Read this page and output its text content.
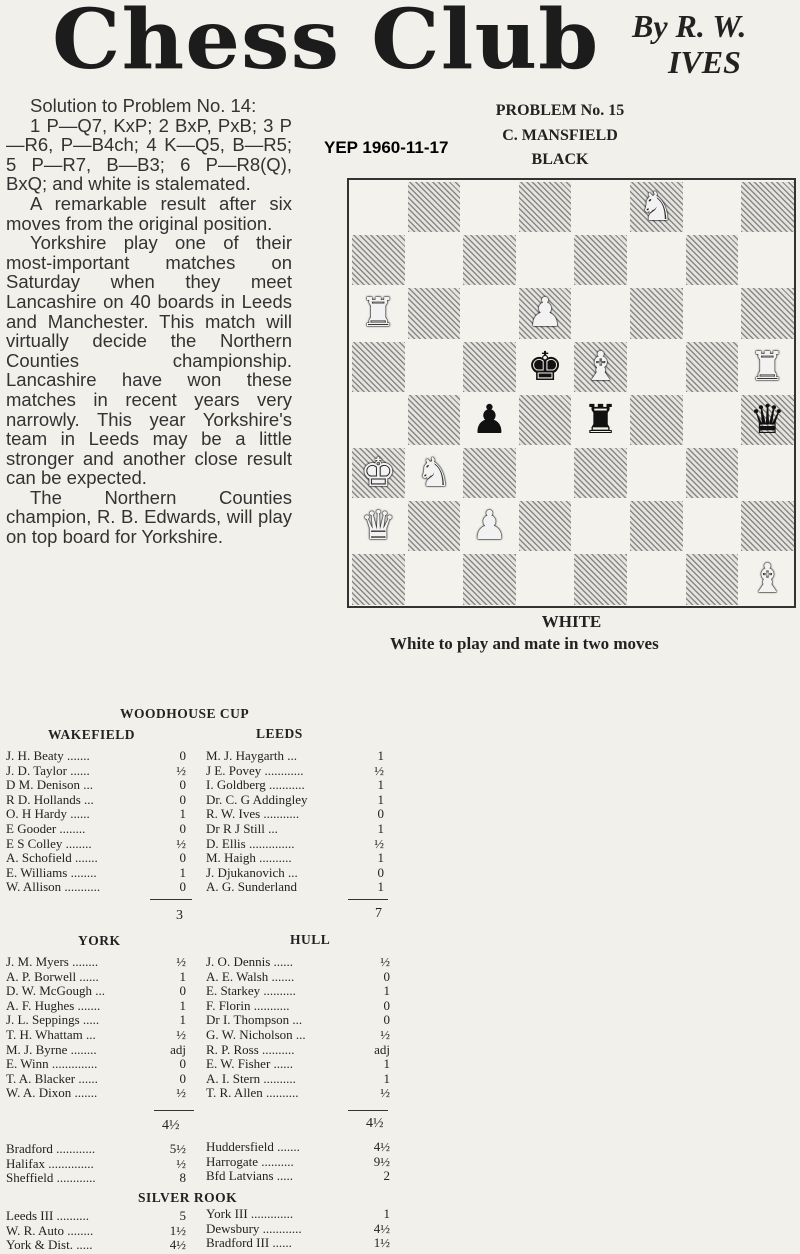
Chess Club By R. W.
IVES
YEP 1960-11-17

Solution to Problem No. 14:

1 P—Q7, KxP; 2 BxP, PxB; 3 P—R6, P—B4ch; 4 K—Q5, B—R5; 5 P—R7, B—B3; 6 P—R8(Q), BxQ; and white is stalemated.

A remarkable result after six moves from the original position.

Yorkshire play one of their most-important matches on Saturday when they meet Lancashire on 40 boards in Leeds and Manchester. This match will virtually decide the Northern Counties championship. Lancashire have won these matches in recent years very narrowly. This year Yorkshire's team in Leeds may be a little stronger and another close result can be expected.

The Northern Counties champion, R. B. Edwards, will play on top board for Yorkshire.

PROBLEM No. 15
C. MANSFIELD
BLACK
♞
♜	♟
♚ ♝	♜
♟ ♜	♛
♚ ♞
♛ ♟
♝
WHITE
White to play and mate in two moves
WOODHOUSE CUP
WAKEFIELD	LEEDS
J. H. Beaty .......	0
J. D. Taylor ......	½
D M. Denison ...	0
R D. Hollands ...	0
O. H Hardy ......	1
E Gooder ........	0
E S Colley ........	½
A. Schofield .......	0
E. Williams ........	1
W. Allison ...........	0
M. J. Haygarth ...	1
J E. Povey ............	½
I. Goldberg ...........	1
Dr. C. G Addingley	1
R. W. Ives ...........	0
Dr R J Still ...	1
D. Ellis ..............	½
M. Haigh ..........	1
J. Djukanovich ...	0
A. G. Sunderland	1
3	7
YORK	HULL
J. M. Myers ........	½
A. P. Borwell ......	1
D. W. McGough ...	0
A. F. Hughes .......	1
J. L. Seppings .....	1
T. H. Whattam ...	½
M. J. Byrne ........	adj
E. Winn ..............	0
T. A. Blacker ......	0
W. A. Dixon .......	½
J. O. Dennis ......	½
A. E. Walsh .......	0
E. Starkey ..........	1
F. Florin ...........	0
Dr I. Thompson ...	0
G. W. Nicholson ...	½
R. P. Ross ..........	adj
E. W. Fisher ......	1
A. I. Stern ..........	1
T. R. Allen ..........	½
4½	4½
Bradford ............	5½
Halifax ..............	½
Sheffield ............	8
Huddersfield .......	4½
Harrogate ..........	9½
Bfd Latvians .....	2
SILVER ROOK
Leeds III ..........	5
W. R. Auto ........	1½
York & Dist. .....	4½
York III .............	1
Dewsbury ............	4½
Bradford III ......	1½
